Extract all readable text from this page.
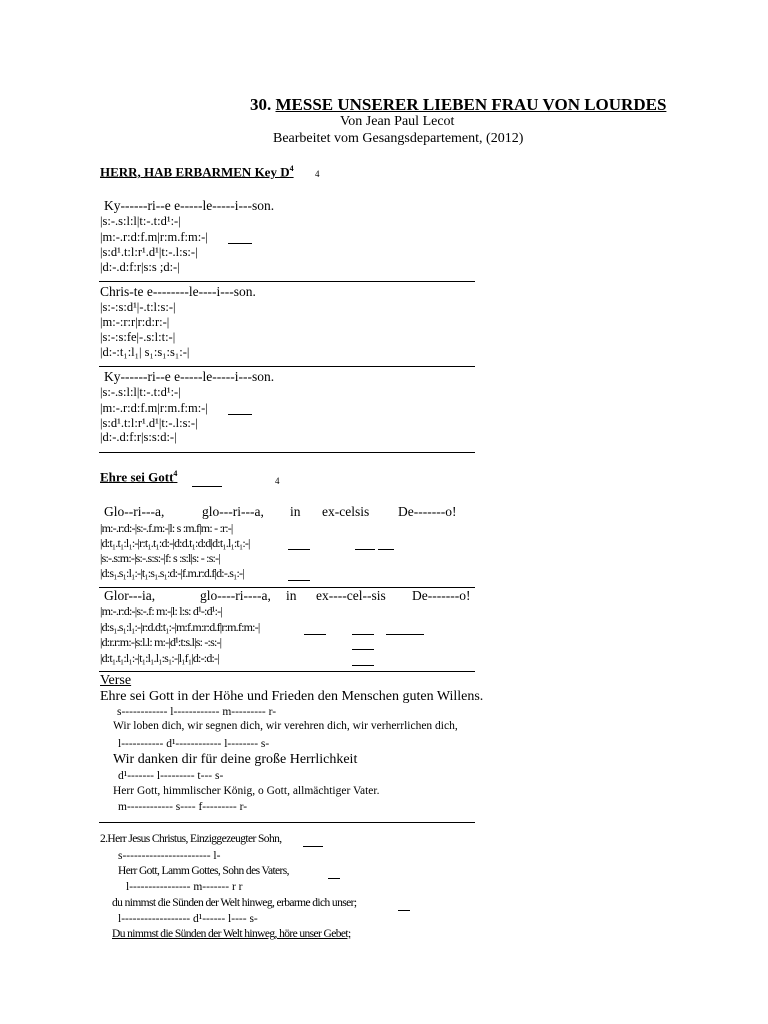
30. MESSE UNSERER LIEBEN FRAU VON LOURDES
Von Jean Paul Lecot
Bearbeitet vom Gesangsdepartement, (2012)
HERR, HAB ERBARMEN Key $D^4$
4
Ky------ri--e e-----le-----i---son.
|s:-.s:l:l|t:-.t:d¹:-|
|m:-.r:d:f.m|r:m.f:m:-|
|s:d¹.t:l:r¹.d¹|t:-.l:s:-|
|d:-.d:f:r|s:s ;d:-|
Chris-te e--------le----i---son.
|s:-:s:d¹|-.t:l:s:-|
|m:-:r:r|r:d:r:-|
|s:-:s:fe|-.s:l:t:-|
|d:-:t₁:l₁| s₁:s₁:s₁:-|
Ky------ri--e e-----le-----i---son.
|s:-.s:l:l|t:-.t:d¹:-|
|m:-.r:d:f.m|r:m.f:m:-|
|s:d¹.t:l:r¹.d¹|t:-.l:s:-|
|d:-.d:f:r|s:s:d:-|
Ehre sei Gott$^4$
4
Glo--ri---a,	glo---ri---a, in ex-celsis De-------o!
|m:-.r:d:-|s:-.f.m:-|l: s :m.f|m: - :r:-|
|d:t₁.t₁:l₁:-|r:t₁.t₁:d:-|d:d.t₁:d:d|d:t₁.l₁:t₁:-|
|s:-.s:m:-|s:-.s:s:-|f: s :s:l|s: - :s:-|
|d:s₁.s₁:l₁:-|t₁:s₁.s₁:d:-|f.m.r:d.f|d:-.s₁:-|
Glor---ia,	glo----ri----a, in ex----cel--sis De-------o!
|m:-.r:d:-|s:-.f: m:-|l: l:s: d¹-:d¹:-|
|d:s₁.s₁:l₁:-|r:d.d:t₁:-|m:f.m:r:d.f|r:m.f:m:-|
|d:r.r:m:-|s:l.l: m:-|d¹:t:s.l|s: -:s:-|
|d:t₁.t₁:l₁:-|t₁:l₁.l₁:s₁:-|l₁f₁|d:-:d:-|
Verse
Ehre sei Gott in der Höhe und Frieden den Menschen guten Willens.
s------------ l------------ m--------- r-
Wir loben dich, wir segnen dich, wir verehren dich, wir verherrlichen dich,
l----------- d¹------------ l-------- s-
Wir danken dir für deine große Herrlichkeit
d¹------- l--------- t--- s-
Herr Gott, himmlischer König, o Gott, allmächtiger Vater.
m------------ s---- f--------- r-
2.Herr Jesus Christus, Einziggezeugter Sohn,
s----------------------- l-
Herr Gott, Lamm Gottes, Sohn des Vaters,
l---------------- m------- r r
du nimmst die Sünden der Welt hinweg, erbarme dich unser;
l------------------ d¹------ l---- s-
Du nimmst die Sünden der Welt hinweg, höre unser Gebet;
